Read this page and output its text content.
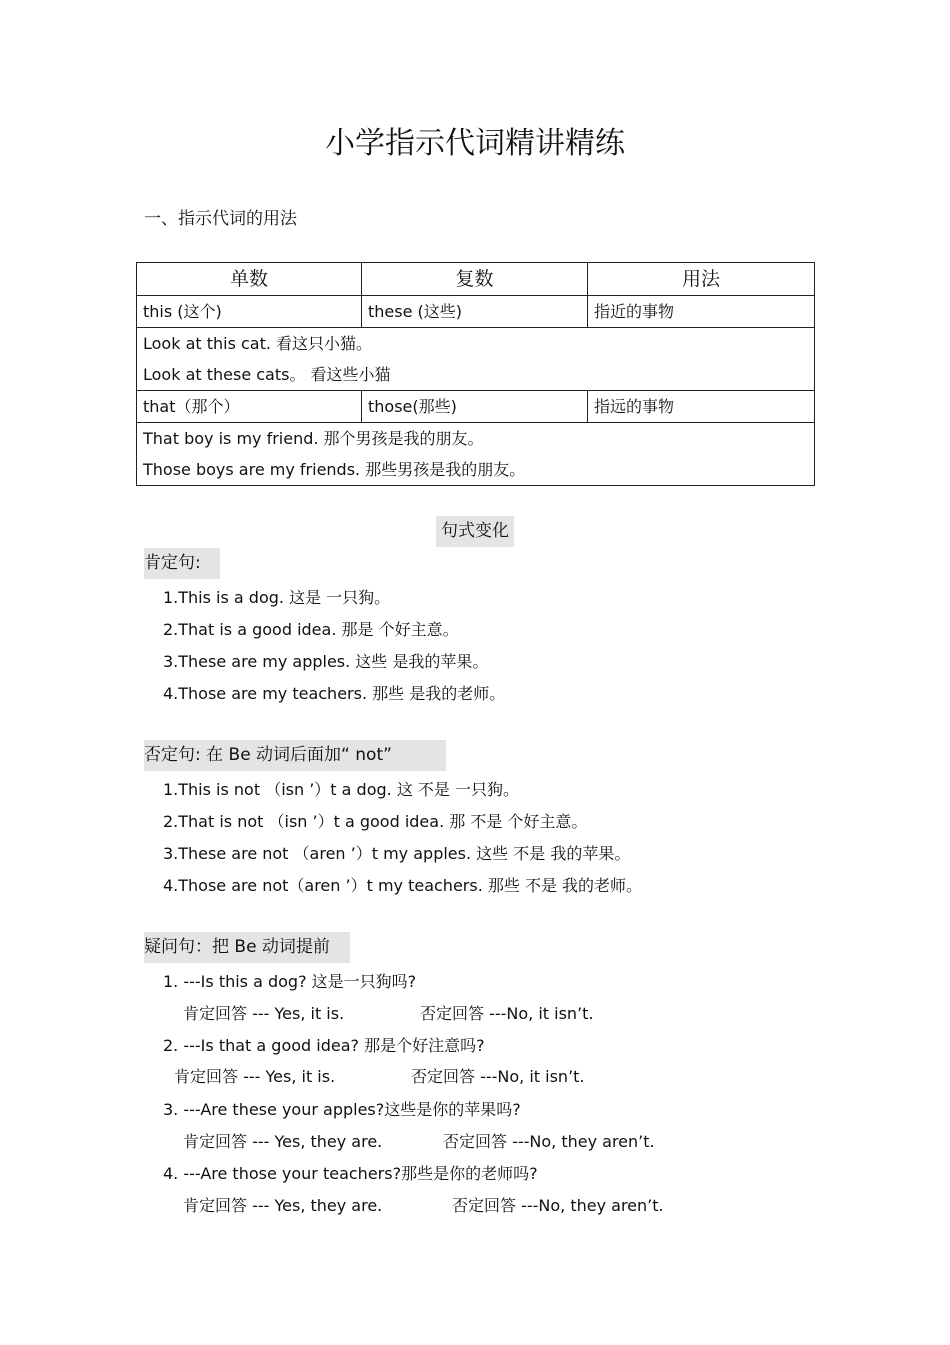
小学指示代词精讲精练
一、指示代词的用法
单数	复数	用法
this (这个)	these (这些)	指近的事物

Look at this cat. 看这只小猫。
Look at these cats。 看这些小猫		

that（那个）	those(那些)	指远的事物

That boy is my friend. 那个男孩是我的朋友。
Those boys are my friends. 那些男孩是我的朋友。		
句式变化
肯定句:
1.This is a dog. 这是 一只狗。
2.That is a good idea. 那是 个好主意。
3.These are my apples. 这些 是我的苹果。
4.Those are my teachers. 那些 是我的老师。
否定句: 在 Be 动词后面加“ not”
1.This is not （isn ’）t a dog. 这 不是 一只狗。
2.That is not （isn ’）t a good idea. 那 不是 个好主意。
3.These are not （aren ’）t my apples. 这些 不是 我的苹果。
4.Those are not（aren ’）t my teachers. 那些 不是 我的老师。
疑问句：把 Be 动词提前
1. ---Is this a dog? 这是一只狗吗?
肯定回答 --- Yes, it is.	否定回答 ---No, it isn’t.
2. ---Is that a good idea? 那是个好注意吗?
肯定回答 --- Yes, it is.	否定回答 ---No, it isn’t.
3. ---Are these your apples?这些是你的苹果吗?
肯定回答 --- Yes, they are.	否定回答 ---No, they aren’t.
4. ---Are those your teachers?那些是你的老师吗?
肯定回答 --- Yes, they are.	否定回答 ---No, they aren’t.
